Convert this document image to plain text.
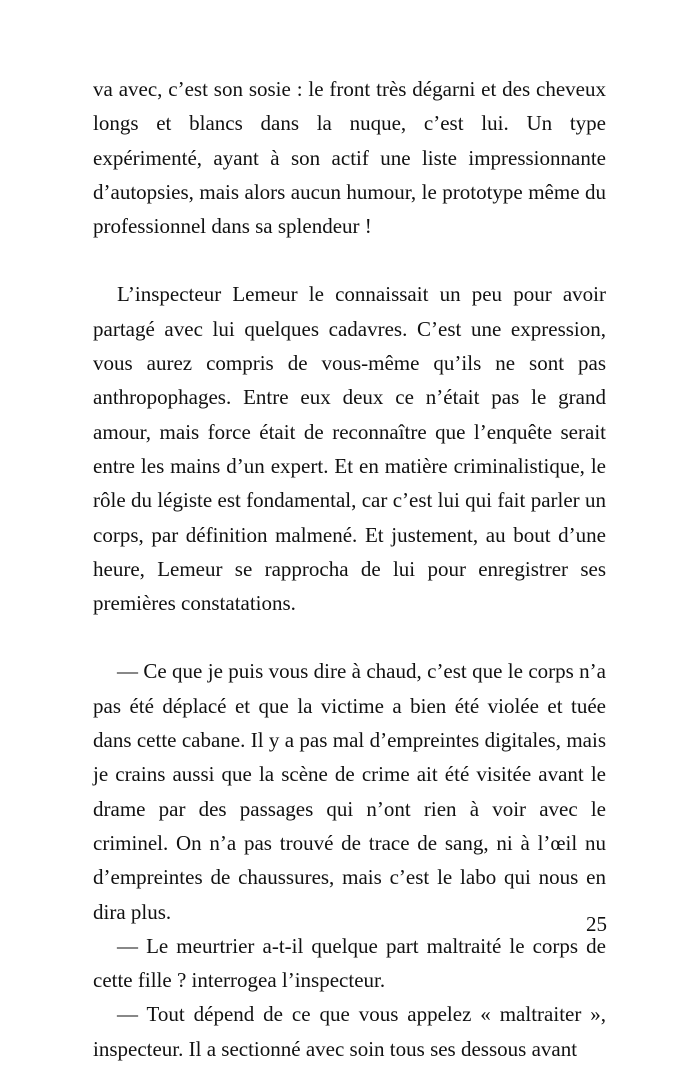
va avec, c’est son sosie : le front très dégarni et des cheveux longs et blancs dans la nuque, c’est lui. Un type expérimenté, ayant à son actif une liste impressionnante d’autopsies, mais alors aucun humour, le prototype même du professionnel dans sa splendeur !

L’inspecteur Lemeur le connaissait un peu pour avoir partagé avec lui quelques cadavres. C’est une expression, vous aurez compris de vous-même qu’ils ne sont pas anthropophages. Entre eux deux ce n’était pas le grand amour, mais force était de reconnaître que l’enquête serait entre les mains d’un expert. Et en matière criminalistique, le rôle du légiste est fondamental, car c’est lui qui fait parler un corps, par définition malmené. Et justement, au bout d’une heure, Lemeur se rapprocha de lui pour enregistrer ses premières constatations.

— Ce que je puis vous dire à chaud, c’est que le corps n’a pas été déplacé et que la victime a bien été violée et tuée dans cette cabane. Il y a pas mal d’empreintes digitales, mais je crains aussi que la scène de crime ait été visitée avant le drame par des passages qui n’ont rien à voir avec le criminel. On n’a pas trouvé de trace de sang, ni à l’œil nu d’empreintes de chaussures, mais c’est le labo qui nous en dira plus.

— Le meurtrier a-t-il quelque part maltraité le corps de cette fille ? interrogea l’inspecteur.

— Tout dépend de ce que vous appelez « maltraiter », inspecteur. Il a sectionné avec soin tous ses dessous avant

25
